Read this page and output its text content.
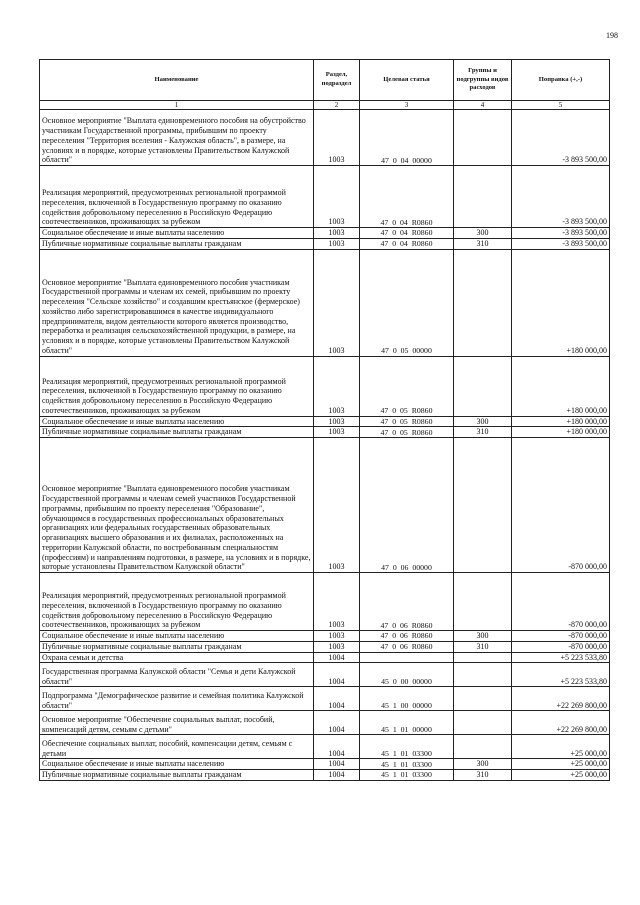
198
Наименование	Раздел, подраздел	Целевая статья	Группы и подгруппы видов расходов	Поправка (+,-)
1	2	3	4	5
Основное мероприятие "Выплата единовременного пособия на обустройство участникам Государственной программы, прибывшим по проекту переселения "Территория вселения - Калужская область", в размере, на условиях и в порядке, которые установлены Правительством Калужской области"	1003	47  0  04  00000		-3 893 500,00
Реализация мероприятий, предусмотренных региональной программой переселения, включенной в Государственную программу по оказанию содействия добровольному переселению в Российскую Федерацию соотечественников, проживающих за рубежом	1003	47  0  04  R0860		-3 893 500,00
Социальное обеспечение и иные выплаты населению	1003	47  0  04  R0860	300	-3 893 500,00
Публичные нормативные социальные выплаты гражданам	1003	47  0  04  R0860	310	-3 893 500,00
Основное мероприятие "Выплата единовременного пособия участникам Государственной программы и членам их семей, прибывшим по проекту переселения "Сельское хозяйство" и создавшим крестьянское (фермерское) хозяйство либо зарегистрировавшимся в качестве индивидуального предпринимателя, видом деятельности которого является производство, переработка и реализация сельскохозяйственной продукции, в размере, на условиях и в порядке, которые установлены Правительством Калужской области"	1003	47  0  05  00000		+180 000,00
Реализация мероприятий, предусмотренных региональной программой переселения, включенной в Государственную программу по оказанию содействия добровольному переселению в Российскую Федерацию соотечественников, проживающих за рубежом	1003	47  0  05  R0860		+180 000,00
Социальное обеспечение и иные выплаты населению	1003	47  0  05  R0860	300	+180 000,00
Публичные нормативные социальные выплаты гражданам	1003	47  0  05  R0860	310	+180 000,00
Основное мероприятие "Выплата единовременного пособия участникам Государственной программы и членам семей участников Государственной программы, прибывшим по проекту переселения "Образование", обучающимся в государственных профессиональных образовательных организациях или федеральных государственных образовательных организациях высшего образования и их филиалах, расположенных на территории Калужской области, по востребованным специальностям (профессиям) и направлениям подготовки, в размере, на условиях и в порядке, которые установлены Правительством Калужской области"	1003	47  0  06  00000		-870 000,00
Реализация мероприятий, предусмотренных региональной программой переселения, включенной в Государственную программу по оказанию содействия добровольному переселению в Российскую Федерацию соотечественников, проживающих за рубежом	1003	47  0  06  R0860		-870 000,00
Социальное обеспечение и иные выплаты населению	1003	47  0  06  R0860	300	-870 000,00
Публичные нормативные социальные выплаты гражданам	1003	47  0  06  R0860	310	-870 000,00
Охрана семьи и детства	1004			+5 223 533,80
Государственная программа Калужской области "Семья и дети Калужской области"	1004	45  0  00  00000		+5 223 533,80
Подпрограмма "Демографическое развитие и семейная политика Калужской области"	1004	45  1  00  00000		+22 269 800,00
Основное мероприятие "Обеспечение социальных выплат, пособий, компенсаций детям, семьям с детьми"	1004	45  1  01  00000		+22 269 800,00
Обеспечение социальных выплат, пособий, компенсации детям, семьям с детьми	1004	45  1  01  03300		+25 000,00
Социальное обеспечение и иные выплаты населению	1004	45  1  01  03300	300	+25 000,00
Публичные нормативные социальные выплаты гражданам	1004	45  1  01  03300	310	+25 000,00
